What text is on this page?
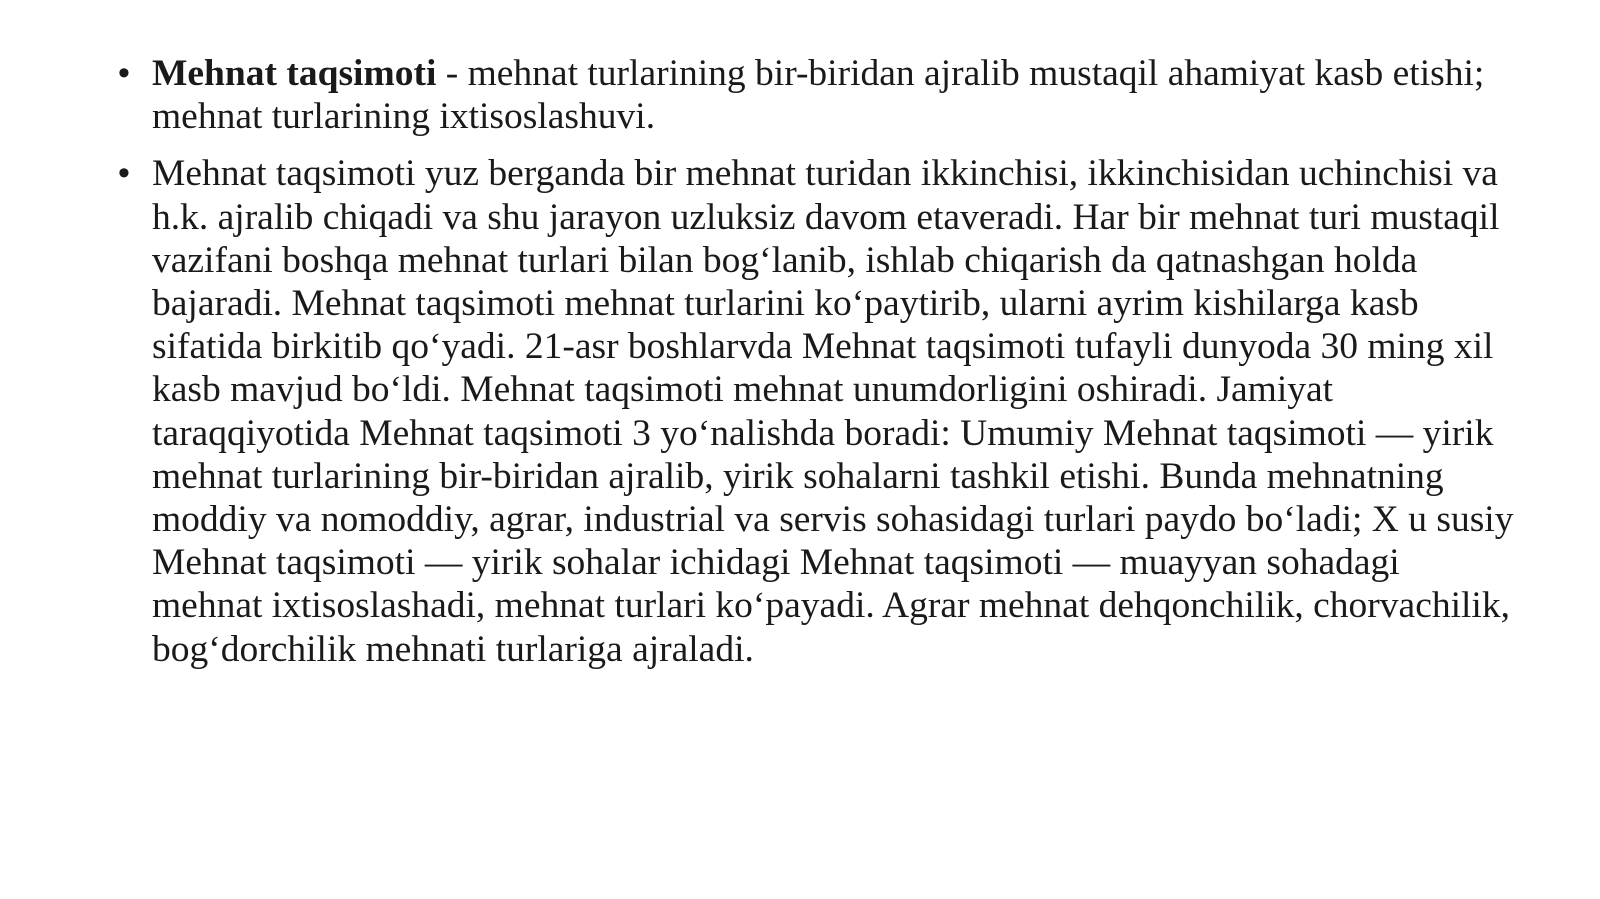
• Mehnat taqsimoti - mehnat turlarining bir-biridan ajralib mustaqil ahamiyat kasb etishi; mehnat turlarining ixtisoslashuvi.
• Mehnat taqsimoti yuz berganda bir mehnat turidan ikkinchisi, ikkinchisidan uchinchisi va h.k. ajralib chiqadi va shu jarayon uzluksiz davom etaveradi. Har bir mehnat turi mustaqil vazifani boshqa mehnat turlari bilan bog‘lanib, ishlab chiqarish da qatnashgan holda bajaradi. Mehnat taqsimoti mehnat turlarini ko‘paytirib, ularni ayrim kishilarga kasb sifatida birkitib qo‘yadi. 21-asr boshlarvda Mehnat taqsimoti tufayli dunyoda 30 ming xil kasb mavjud bo‘ldi. Mehnat taqsimoti mehnat unumdorligini oshiradi. Jamiyat taraqqiyotida Mehnat taqsimoti 3 yo‘nalishda boradi: Umumiy Mehnat taqsimoti — yirik mehnat turlarining bir-biridan ajralib, yirik sohalarni tashkil etishi. Bunda mehnatning moddiy va nomoddiy, agrar, industrial va servis sohasidagi turlari paydo bo‘ladi; X u susiy Mehnat taqsimoti — yirik sohalar ichidagi Mehnat taqsimoti — muayyan sohadagi mehnat ixtisoslashadi, mehnat turlari ko‘payadi. Agrar mehnat dehqonchilik, chorvachilik, bog‘dorchilik mehnati turlariga ajraladi.
